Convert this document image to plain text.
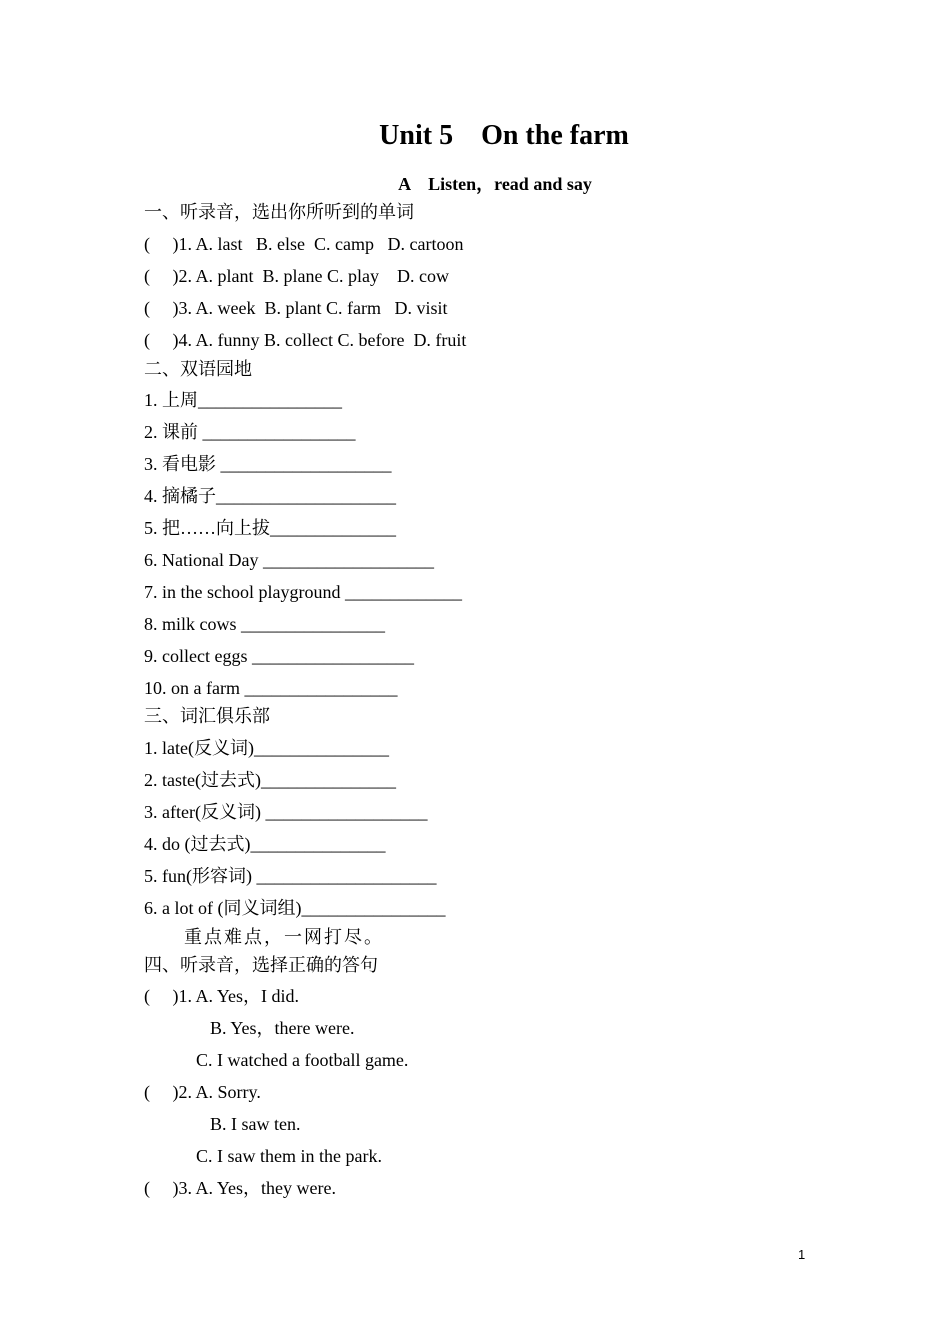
Unit 5    On the farm
A    Listen，read and say
一、听录音，选出你所听到的单词
(     )1. A. last   B. else  C. camp   D. cartoon
(     )2. A. plant  B. plane C. play    D. cow
(     )3. A. week  B. plant C. farm   D. visit
(     )4. A. funny B. collect C. before  D. fruit
二、双语园地
1. 上周________________
2. 课前 _________________
3. 看电影 ___________________
4. 摘橘子____________________
5. 把……向上拔______________
6. National Day ___________________
7. in the school playground _____________
8. milk cows ________________
9. collect eggs __________________
10. on a farm _________________
三、词汇俱乐部
1. late(反义词)_______________
2. taste(过去式)_______________
3. after(反义词) __________________
4. do (过去式)_______________
5. fun(形容词) ____________________
6. a lot of (同义词组)________________
重点难点，一网打尽。
四、听录音，选择正确的答句
(     )1. A. Yes，I did.
B. Yes，there were.
C. I watched a football game.
(     )2. A. Sorry.
B. I saw ten.
C. I saw them in the park.
(     )3. A. Yes，they were.
1
